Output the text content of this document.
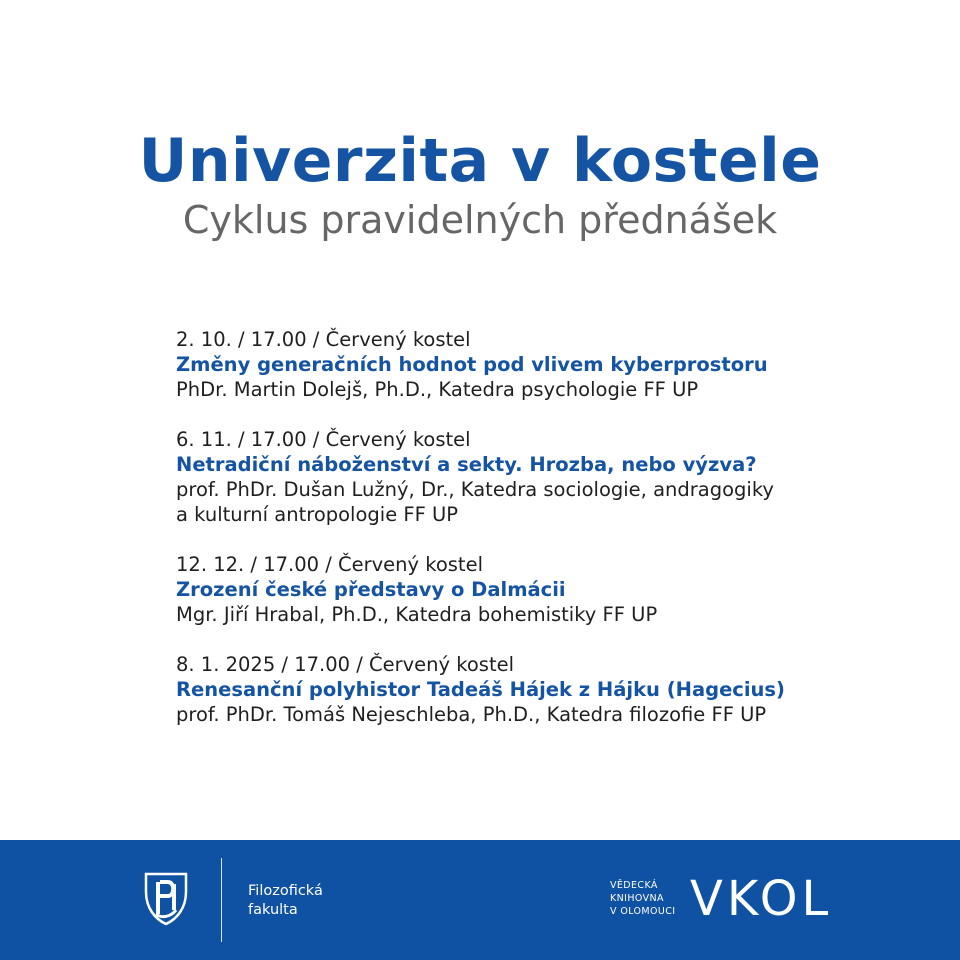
Univerzita v kostele
Cyklus pravidelných přednášek
2. 10. / 17.00 / Červený kostel
Změny generačních hodnot pod vlivem kyberprostoru
PhDr. Martin Dolejš, Ph.D., Katedra psychologie FF UP
6. 11. / 17.00 / Červený kostel
Netradiční náboženství a sekty. Hrozba, nebo výzva?
prof. PhDr. Dušan Lužný, Dr., Katedra sociologie, andragogiky
a kulturní antropologie FF UP
12. 12. / 17.00 / Červený kostel
Zrození české představy o Dalmácii
Mgr. Jiří Hrabal, Ph.D., Katedra bohemistiky FF UP
8. 1. 2025 / 17.00 / Červený kostel
Renesanční polyhistor Tadeáš Hájek z Hájku (Hagecius)
prof. PhDr. Tomáš Nejeschleba, Ph.D., Katedra filozofie FF UP
Filozofická
fakulta
VĚDECKÁ
KNIHOVNA
V OLOMOUCI VKOL
